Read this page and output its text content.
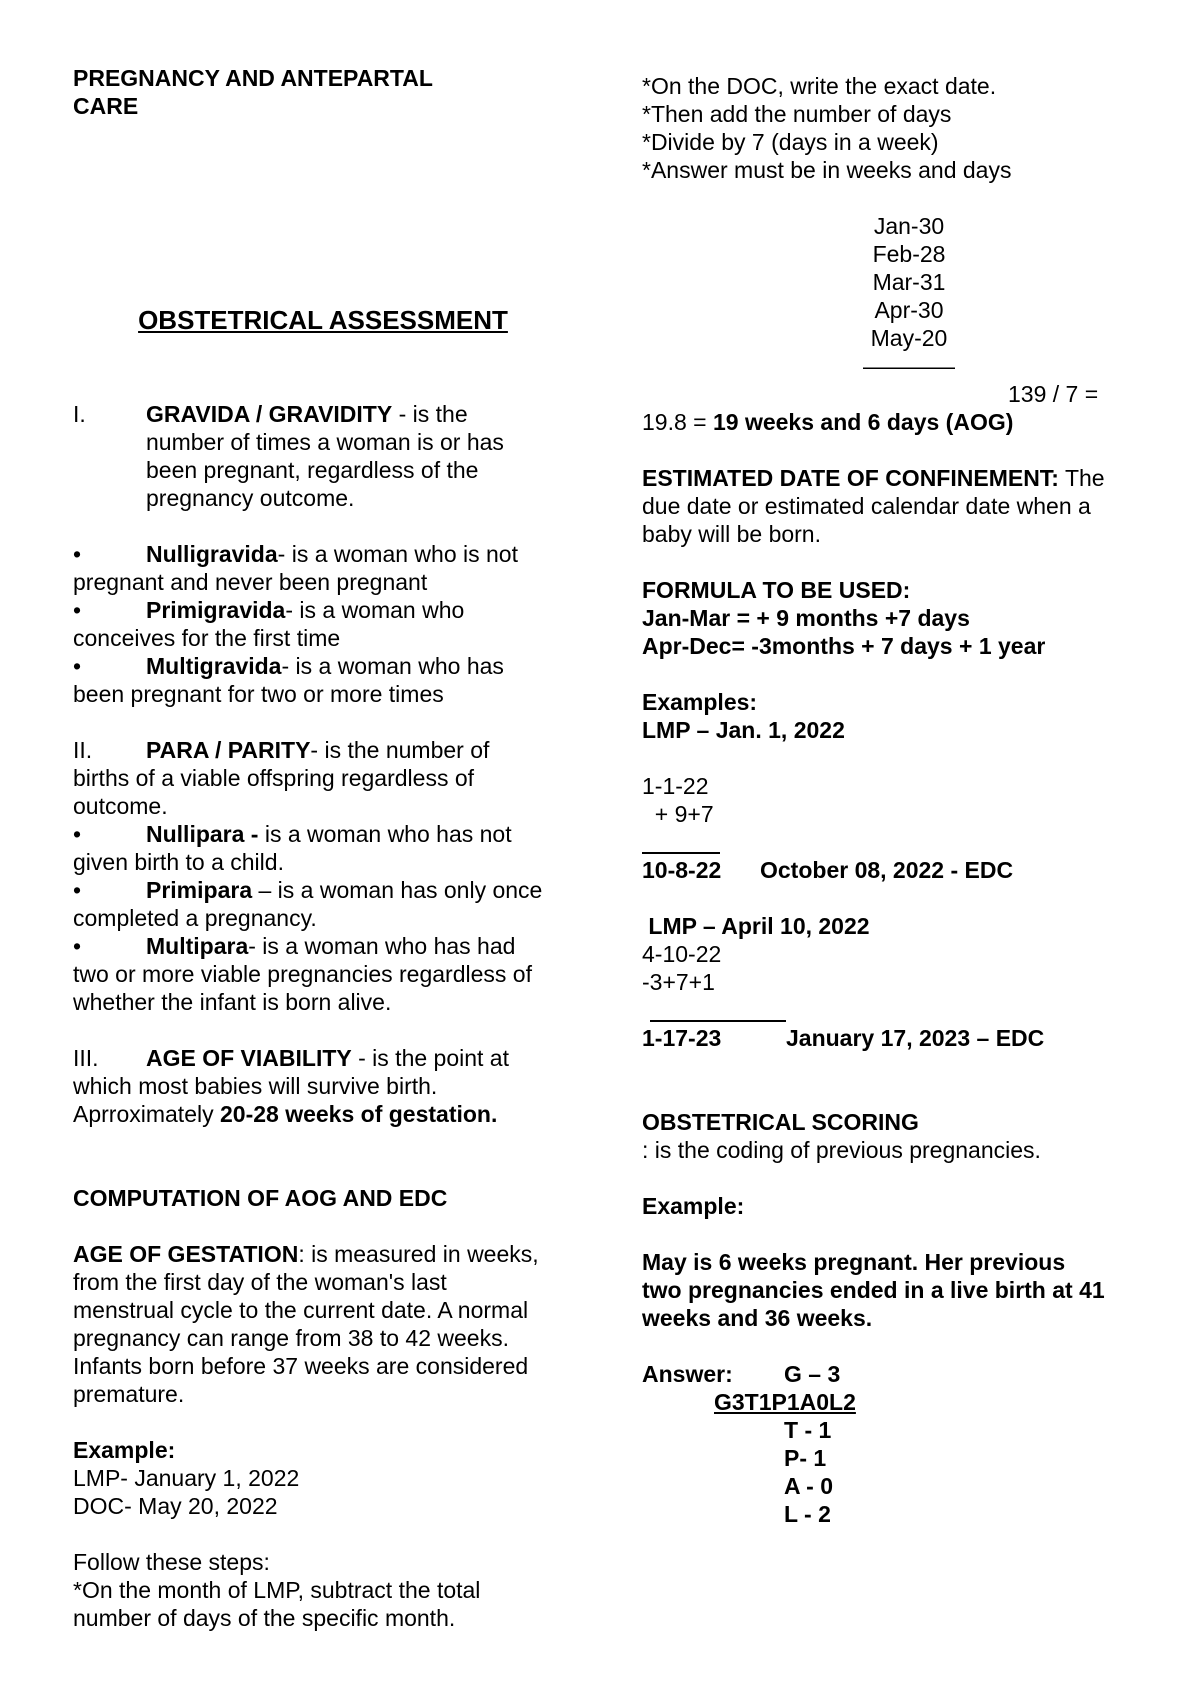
PREGNANCY AND ANTEPARTAL
CARE
OBSTETRICAL ASSESSMENT
I.	GRAVIDA / GRAVIDITY - is the
number of times a woman is or has
been pregnant, regardless of the
pregnancy outcome.
•	Nulligravida- is a woman who is not
pregnant and never been pregnant
•	Primigravida- is a woman who
conceives for the first time
•	Multigravida- is a woman who has
been pregnant for two or more times
II. PARA / PARITY- is the number of
births of a viable offspring regardless of
outcome.
•	Nullipara - is a woman who has not
given birth to a child.
•	Primipara – is a woman has only once
completed a pregnancy.
•	Multipara- is a woman who has had
two or more viable pregnancies regardless of
whether the infant is born alive.
III. AGE OF VIABILITY - is the point at
which most babies will survive birth.
Aprroximately 20-28 weeks of gestation.
COMPUTATION OF AOG AND EDC
AGE OF GESTATION: is measured in weeks,
from the first day of the woman's last
menstrual cycle to the current date. A normal
pregnancy can range from 38 to 42 weeks.
Infants born before 37 weeks are considered
premature.
Example:
LMP- January 1, 2022
DOC- May 20, 2022
Follow these steps:
*On the month of LMP, subtract the total
number of days of the specific month.
*On the DOC, write the exact date.
*Then add the number of days
*Divide by 7 (days in a week)
*Answer must be in weeks and days
Jan-30
Feb-28
Mar-31
Apr-30
May-20
————
139 / 7 =
19.8 = 19 weeks and 6 days (AOG)
ESTIMATED DATE OF CONFINEMENT: The
due date or estimated calendar date when a
baby will be born.
FORMULA TO BE USED:
Jan-Mar = + 9 months +7 days
Apr-Dec= -3months + 7 days + 1 year
Examples:
LMP – Jan. 1, 2022
1-1-22
+ 9+7
10-8-22 October 08, 2022 - EDC
LMP – April 10, 2022
4-10-22
-3+7+1
1-17-23	January 17, 2023 – EDC
OBSTETRICAL SCORING
: is the coding of previous pregnancies.
Example:
May is 6 weeks pregnant. Her previous
two pregnancies ended in a live birth at 41
weeks and 36 weeks.
Answer: G – 3
G3T1P1A0L2
T - 1
P- 1
A - 0
L - 2
